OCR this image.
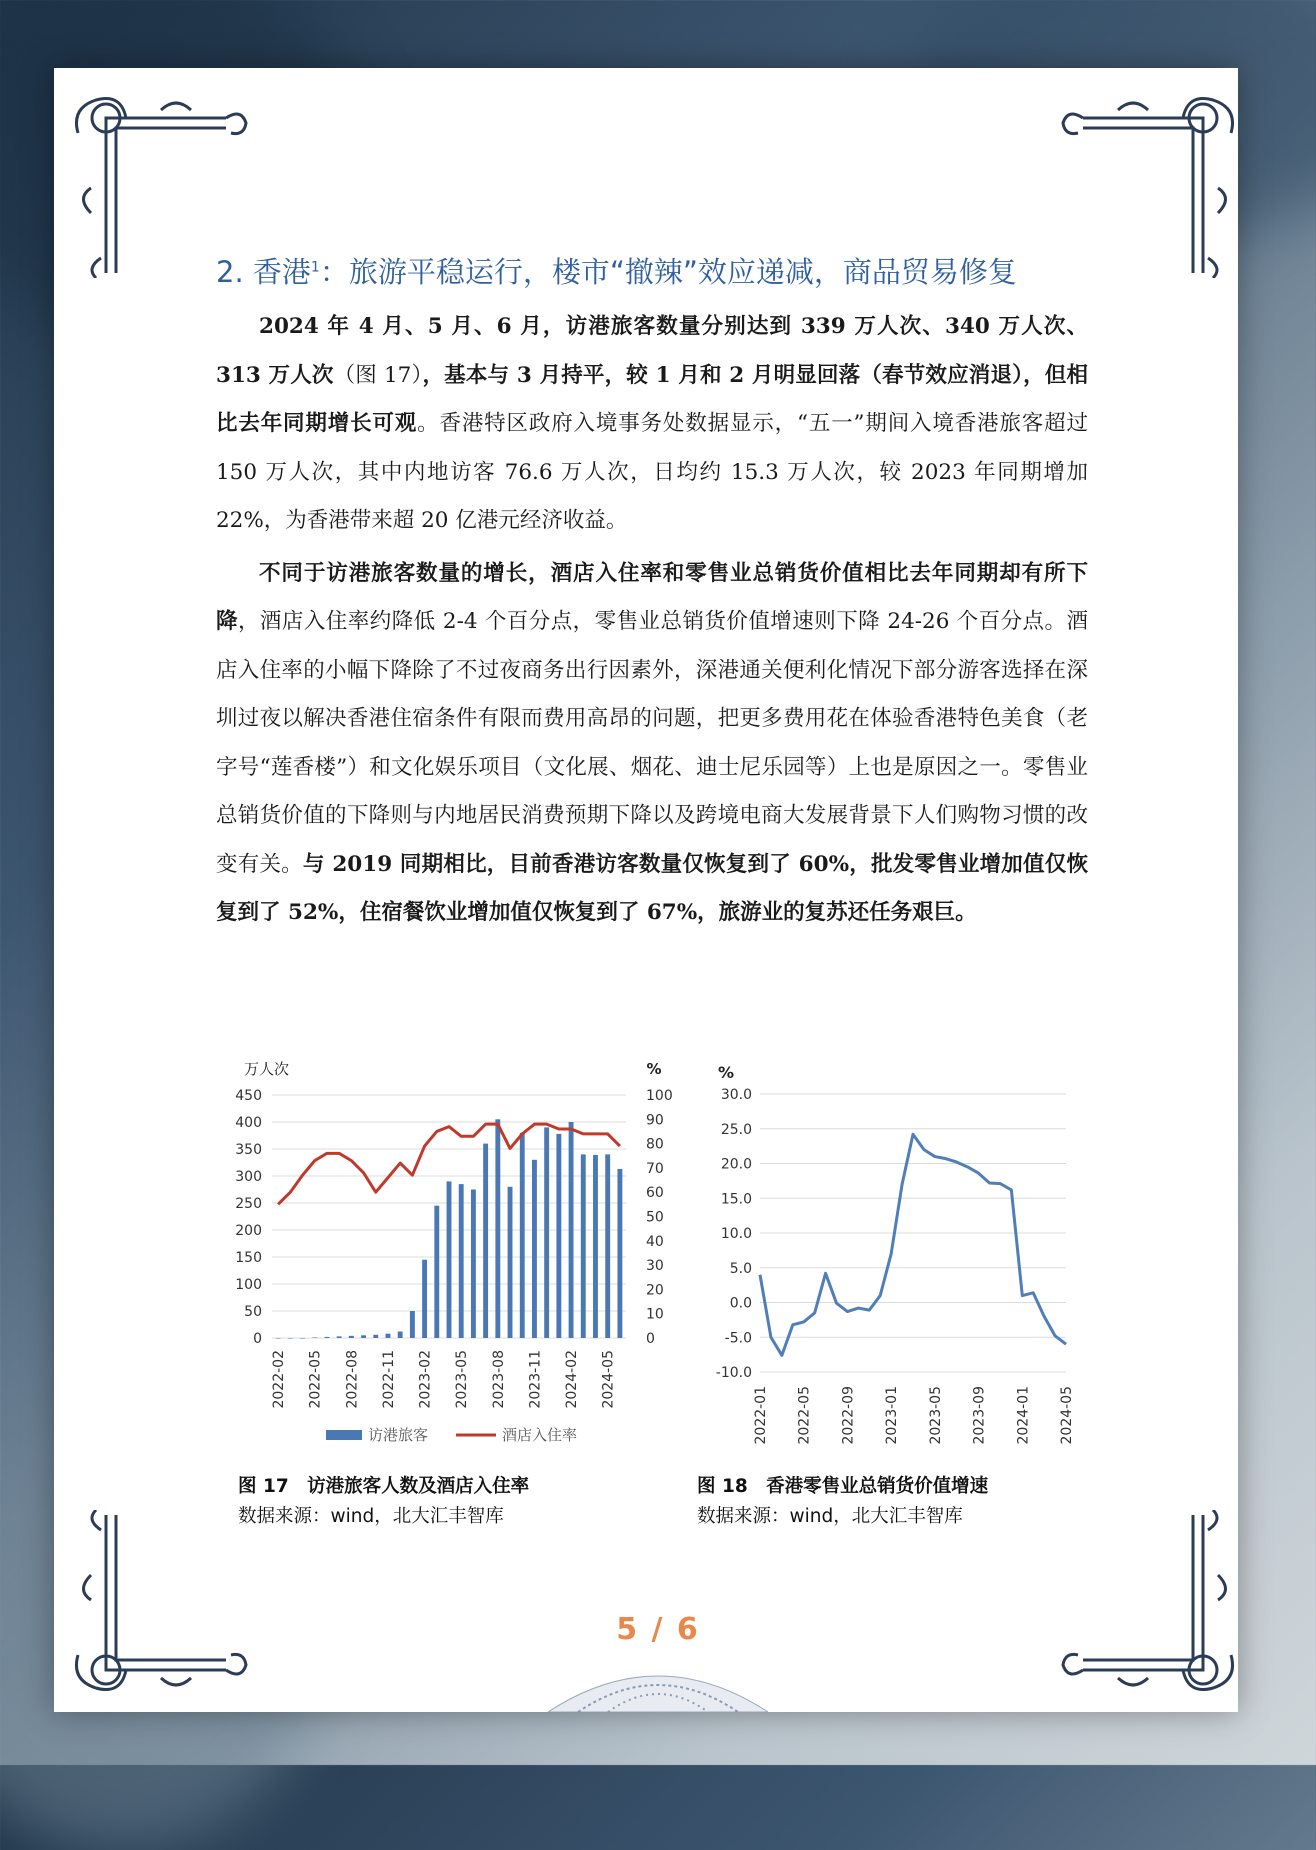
2. 香港$^1$：旅游平稳运行，楼市“撤辣”效应递减，商品贸易修复

2024 年 4 月、5 月、6 月，访港旅客数量分别达到 339 万人次、340 万人次、313 万人次（图 17），基本与 3 月持平，较 1 月和 2 月明显回落（春节效应消退），但相比去年同期增长可观。香港特区政府入境事务处数据显示，“五一”期间入境香港旅客超过 150 万人次，其中内地访客 76.6 万人次，日均约 15.3 万人次，较 2023 年同期增加 22%，为香港带来超 20 亿港元经济收益。

不同于访港旅客数量的增长，酒店入住率和零售业总销货价值相比去年同期却有所下降，酒店入住率约降低 2-4 个百分点，零售业总销货价值增速则下降 24-26 个百分点。酒店入住率的小幅下降除了不过夜商务出行因素外，深港通关便利化情况下部分游客选择在深圳过夜以解决香港住宿条件有限而费用高昂的问题，把更多费用花在体验香港特色美食（老字号“莲香楼”）和文化娱乐项目（文化展、烟花、迪士尼乐园等）上也是原因之一。零售业总销货价值的下降则与内地居民消费预期下降以及跨境电商大发展背景下人们购物习惯的改变有关。与 2019 同期相比，目前香港访客数量仅恢复到了 60%，批发零售业增加值仅恢复到了 52%，住宿餐饮业增加值仅恢复到了 67%，旅游业的复苏还任务艰巨。

万人次	%
0
50
100
150
200
250
300
350
400
450
0
10
20
30
40
50
60
70
80
90
100
2022-02 2022-05 2022-08 2022-11 2023-02 2023-05 2023-08 2023-11 2024-02 2024-05
访港旅客	酒店入住率
图 17　访港旅客人数及酒店入住率
数据来源：wind，北大汇丰智库
%
-10.0
-5.0
0.0
5.0
10.0
15.0
20.0
25.0
30.0
2022-01 2022-05 2022-09 2023-01 2023-05 2023-09 2024-01 2024-05
图 18　香港零售业总销货价值增速
数据来源：wind，北大汇丰智库
5 / 6
